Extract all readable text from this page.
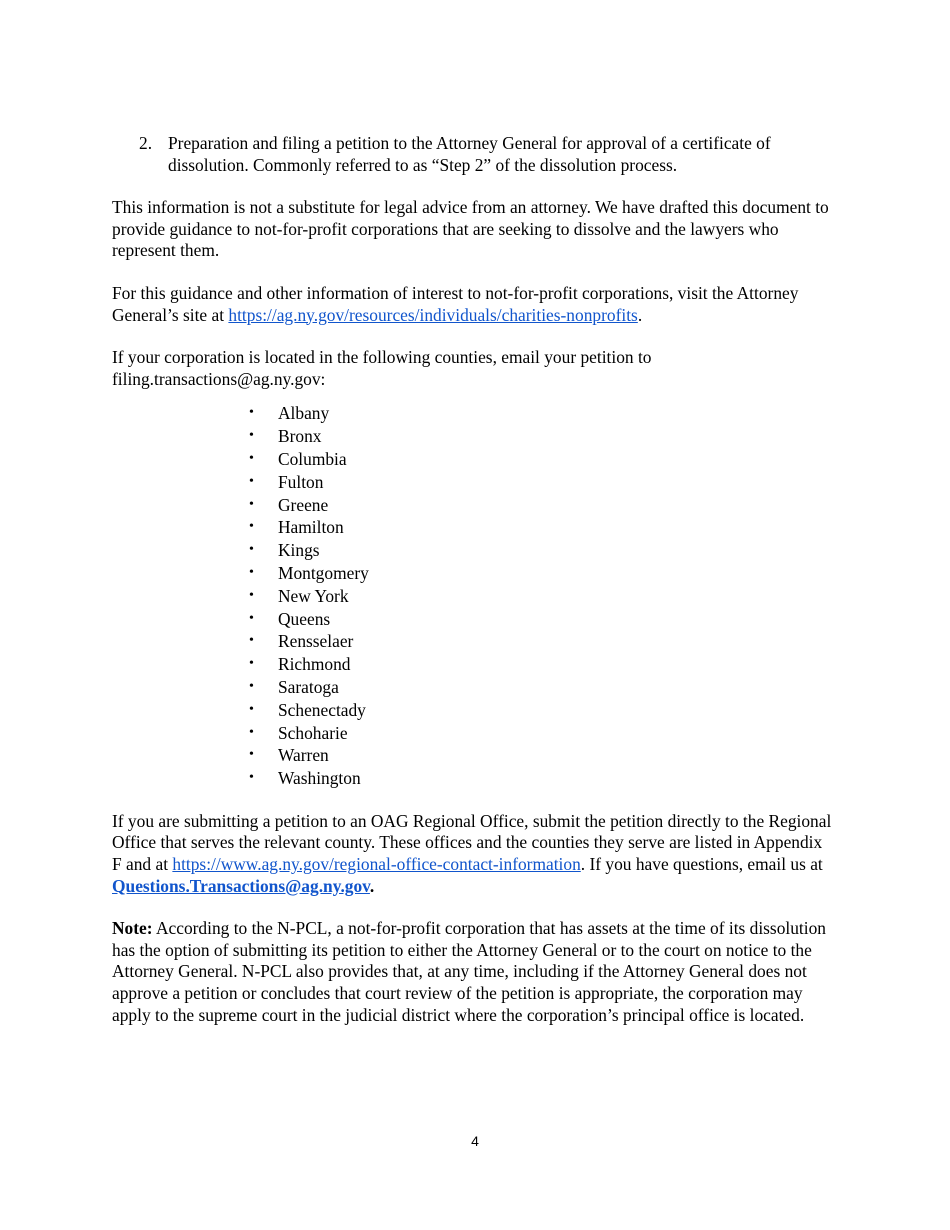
2. Preparation and filing a petition to the Attorney General for approval of a certificate of dissolution. Commonly referred to as “Step 2” of the dissolution process.

This information is not a substitute for legal advice from an attorney. We have drafted this document to provide guidance to not-for-profit corporations that are seeking to dissolve and the lawyers who represent them.

For this guidance and other information of interest to not-for-profit corporations, visit the Attorney General’s site at https://ag.ny.gov/resources/individuals/charities-nonprofits.

If your corporation is located in the following counties, email your petition to filing.transactions@ag.ny.gov:

• Albany
• Bronx
• Columbia
• Fulton
• Greene
• Hamilton
• Kings
• Montgomery
• New York
• Queens
• Rensselaer
• Richmond
• Saratoga
• Schenectady
• Schoharie
• Warren
• Washington

If you are submitting a petition to an OAG Regional Office, submit the petition directly to the Regional Office that serves the relevant county. These offices and the counties they serve are listed in Appendix F and at https://www.ag.ny.gov/regional-office-contact-information. If you have questions, email us at Questions.Transactions@ag.ny.gov.

Note: According to the N-PCL, a not-for-profit corporation that has assets at the time of its dissolution has the option of submitting its petition to either the Attorney General or to the court on notice to the Attorney General. N-PCL also provides that, at any time, including if the Attorney General does not approve a petition or concludes that court review of the petition is appropriate, the corporation may apply to the supreme court in the judicial district where the corporation’s principal office is located.

4
